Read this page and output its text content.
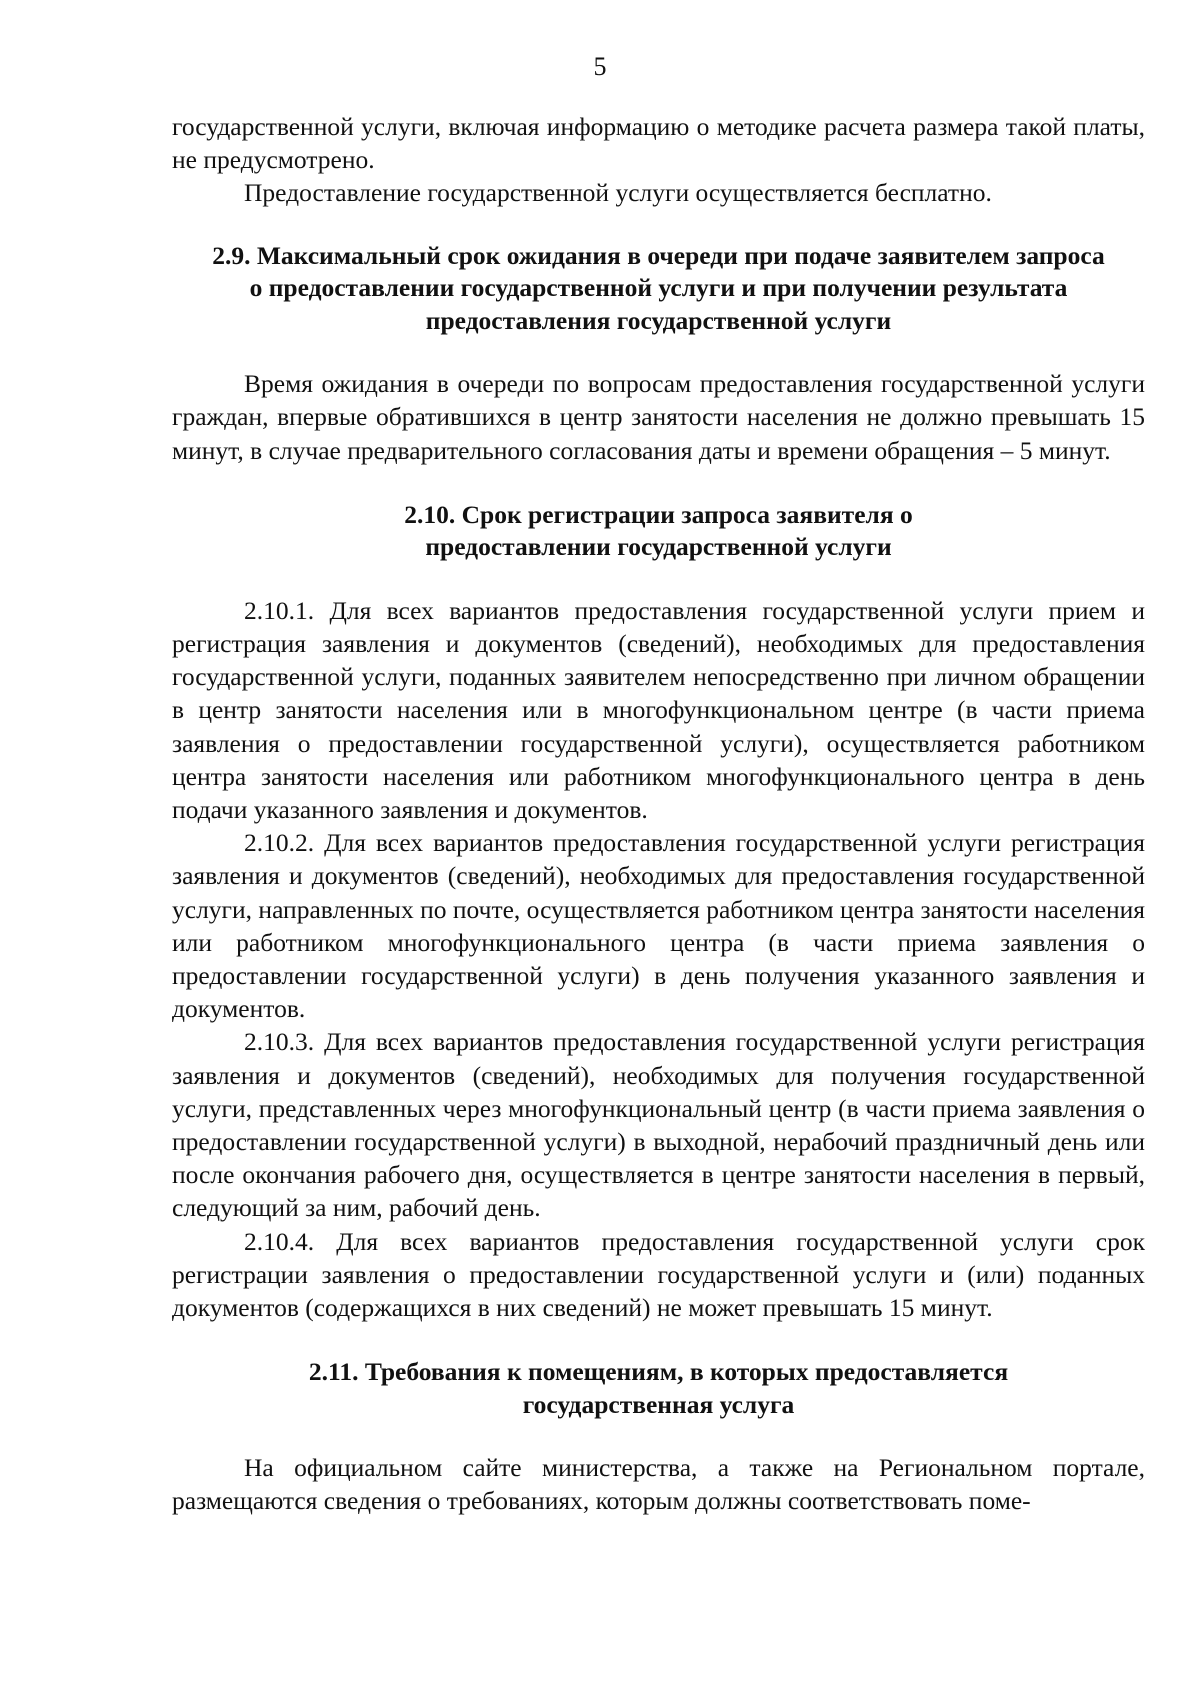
5

государственной услуги, включая информацию о методике расчета размера такой платы, не предусмотрено.

Предоставление государственной услуги осуществляется бесплатно.

2.9. Максимальный срок ожидания в очереди при подаче заявителем запроса о предоставлении государственной услуги и при получении результата предоставления государственной услуги

Время ожидания в очереди по вопросам предоставления государственной услуги граждан, впервые обратившихся в центр занятости населения не должно превышать 15 минут, в случае предварительного согласования даты и времени обращения – 5 минут.

2.10. Срок регистрации запроса заявителя о предоставлении государственной услуги

2.10.1. Для всех вариантов предоставления государственной услуги прием и регистрация заявления и документов (сведений), необходимых для предоставления государственной услуги, поданных заявителем непосредственно при личном обращении в центр занятости населения или в многофункциональном центре (в части приема заявления о предоставлении государственной услуги), осуществляется работником центра занятости населения или работником многофункционального центра в день подачи указанного заявления и документов.

2.10.2. Для всех вариантов предоставления государственной услуги регистрация заявления и документов (сведений), необходимых для предоставления государственной услуги, направленных по почте, осуществляется работником центра занятости населения или работником многофункционального центра (в части приема заявления о предоставлении государственной услуги) в день получения указанного заявления и документов.

2.10.3. Для всех вариантов предоставления государственной услуги регистрация заявления и документов (сведений), необходимых для получения государственной услуги, представленных через многофункциональный центр (в части приема заявления о предоставлении государственной услуги) в выходной, нерабочий праздничный день или после окончания рабочего дня, осуществляется в центре занятости населения в первый, следующий за ним, рабочий день.

2.10.4. Для всех вариантов предоставления государственной услуги срок регистрации заявления о предоставлении государственной услуги и (или) поданных документов (содержащихся в них сведений) не может превышать 15 минут.

2.11. Требования к помещениям, в которых предоставляется государственная услуга

На официальном сайте министерства, а также на Региональном портале, размещаются сведения о требованиях, которым должны соответствовать поме-
